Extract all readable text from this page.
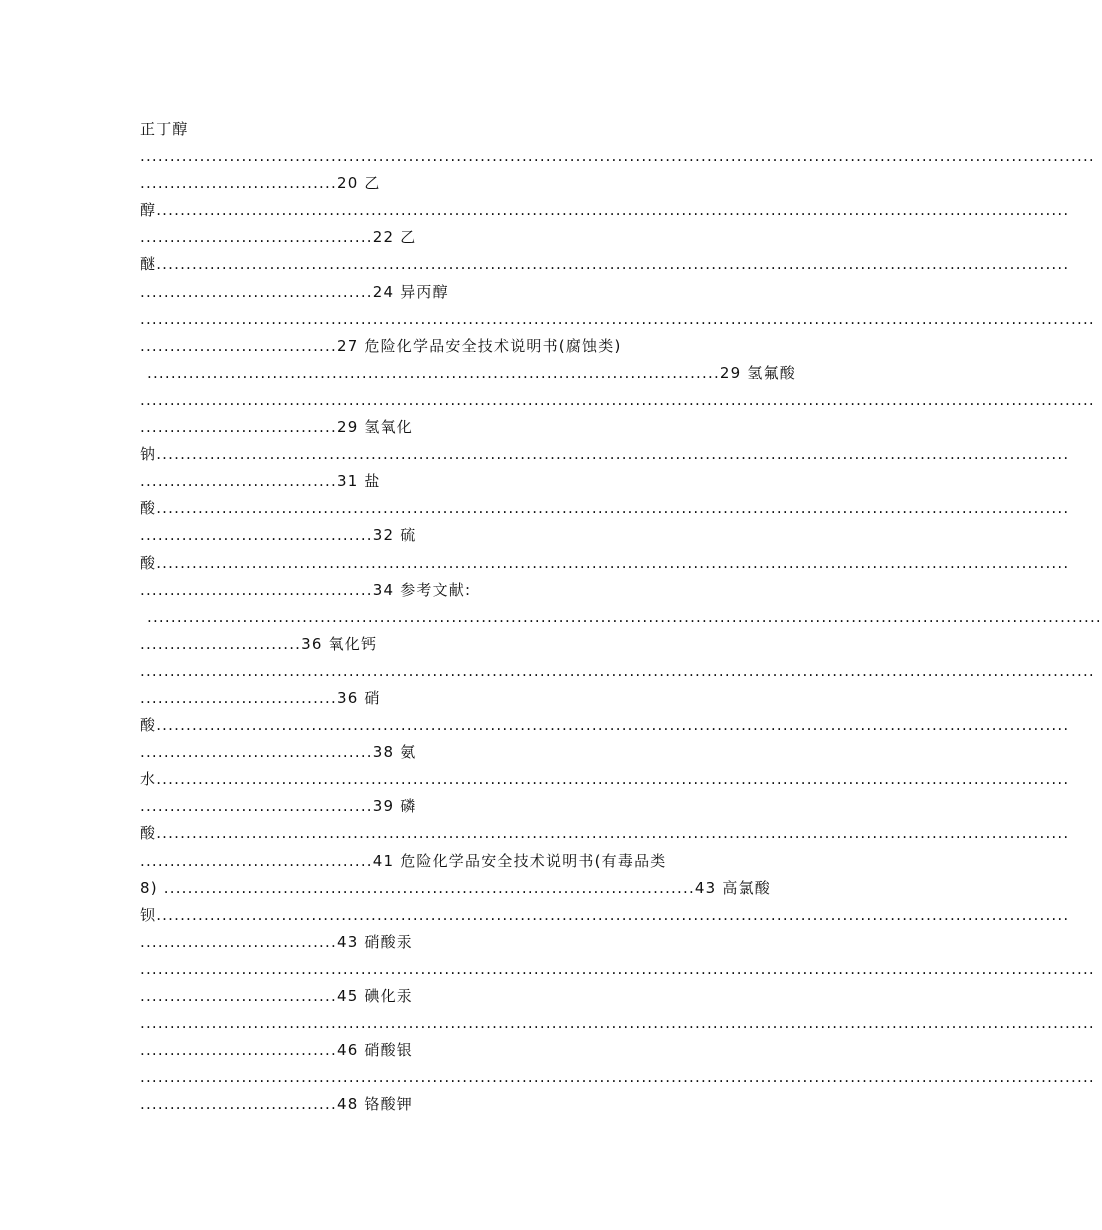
正丁醇
................................................................................................................................................................
.................................20 乙
醇.........................................................................................................................................................
.......................................22 乙
醚.........................................................................................................................................................
.......................................24 异丙醇
................................................................................................................................................................
.................................27 危险化学品安全技术说明书(腐蚀类)
................................................................................................29 氢氟酸
................................................................................................................................................................
.................................29 氢氧化
钠.........................................................................................................................................................
.................................31 盐
酸.........................................................................................................................................................
.......................................32 硫
酸.........................................................................................................................................................
.......................................34 参考文献:
................................................................................................................................................................
...........................36 氧化钙
................................................................................................................................................................
.................................36 硝
酸.........................................................................................................................................................
.......................................38 氨
水.........................................................................................................................................................
.......................................39 磷
酸.........................................................................................................................................................
.......................................41 危险化学品安全技术说明书(有毒品类
8) .........................................................................................43 高氯酸
钡.........................................................................................................................................................
.................................43 硝酸汞
................................................................................................................................................................
.................................45 碘化汞
................................................................................................................................................................
.................................46 硝酸银
................................................................................................................................................................
.................................48 铬酸钾
